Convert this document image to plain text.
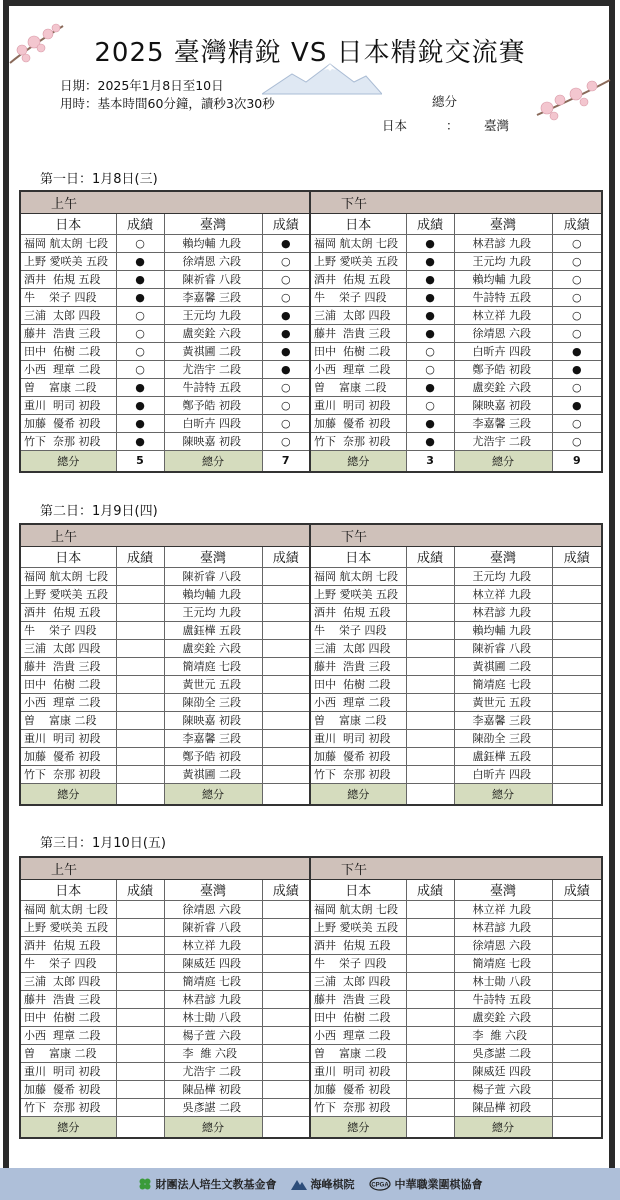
2025 臺灣精銳 VS 日本精銳交流賽
日期：2025年1月8日至10日
用時：基本時間60分鐘，讀秒3次30秒	總分
日本	： 臺灣
第一日：1月8日(三)
上午				下午			
日本	成績	臺灣	成績	日本	成績	臺灣	成績
福岡 航太朗 七段	○	賴均輔 九段	●	福岡 航太朗 七段	●	林君諺 九段	○
上野 愛咲美 五段	●	徐靖恩 六段	○	上野 愛咲美 五段	●	王元均 九段	○
酒井  佑規 五段	●	陳祈睿 八段	○	酒井  佑規 五段	●	賴均輔 九段	○
牛    栄子 四段	●	李嘉馨 三段	○	牛    栄子 四段	●	牛詩特 五段	○
三浦  太郎 四段	○	王元均 九段	●	三浦  太郎 四段	●	林立祥 九段	○
藤井  浩貴 三段	○	盧奕銓 六段	●	藤井  浩貴 三段	●	徐靖恩 六段	○
田中  佑樹 二段	○	黃祺圃 二段	●	田中  佑樹 二段	○	白昕卉 四段	●
小西  理章 二段	○	尤浩宇 二段	●	小西  理章 二段	○	鄭予皓 初段	●
曽    富康 二段	●	牛詩特 五段	○	曽    富康 二段	●	盧奕銓 六段	○
重川  明司 初段	●	鄭予皓 初段	○	重川  明司 初段	○	陳映嘉 初段	●
加藤  優希 初段	●	白昕卉 四段	○	加藤  優希 初段	●	李嘉馨 三段	○
竹下  奈那 初段	●	陳映嘉 初段	○	竹下  奈那 初段	●	尤浩宇 二段	○
總分	5	總分	7	總分	3	總分	9
第二日：1月9日(四)
上午				下午			
日本	成績	臺灣	成績	日本	成績	臺灣	成績
福岡 航太朗 七段		陳祈睿 八段		福岡 航太朗 七段		王元均 九段	
上野 愛咲美 五段		賴均輔 九段		上野 愛咲美 五段		林立祥 九段	
酒井  佑規 五段		王元均 九段		酒井  佑規 五段		林君諺 九段	
牛    栄子 四段		盧鈺樺 五段		牛    栄子 四段		賴均輔 九段	
三浦  太郎 四段		盧奕銓 六段		三浦  太郎 四段		陳祈睿 八段	
藤井  浩貴 三段		簡靖庭 七段		藤井  浩貴 三段		黃祺圃 二段	
田中  佑樹 二段		黃世元 五段		田中  佑樹 二段		簡靖庭 七段	
小西  理章 二段		陳劭全 三段		小西  理章 二段		黃世元 五段	
曽    富康 二段		陳映嘉 初段		曽    富康 二段		李嘉馨 三段	
重川  明司 初段		李嘉馨 三段		重川  明司 初段		陳劭全 三段	
加藤  優希 初段		鄭予皓 初段		加藤  優希 初段		盧鈺樺 五段	
竹下  奈那 初段		黃祺圃 二段		竹下  奈那 初段		白昕卉 四段	
總分		總分		總分		總分	
第三日：1月10日(五)
上午				下午			
日本	成績	臺灣	成績	日本	成績	臺灣	成績
福岡 航太朗 七段		徐靖恩 六段		福岡 航太朗 七段		林立祥 九段	
上野 愛咲美 五段		陳祈睿 八段		上野 愛咲美 五段		林君諺 九段	
酒井  佑規 五段		林立祥 九段		酒井  佑規 五段		徐靖恩 六段	
牛    栄子 四段		陳威廷 四段		牛    栄子 四段		簡靖庭 七段	
三浦  太郎 四段		簡靖庭 七段		三浦  太郎 四段		林士勛 八段	
藤井  浩貴 三段		林君諺 九段		藤井  浩貴 三段		牛詩特 五段	
田中  佑樹 二段		林士勛 八段		田中  佑樹 二段		盧奕銓 六段	
小西  理章 二段		楊子萱 六段		小西  理章 二段		李  維 六段	
曽    富康 二段		李  維 六段		曽    富康 二段		吳彥諶 二段	
重川  明司 初段		尤浩宇 二段		重川  明司 初段		陳威廷 四段	
加藤  優希 初段		陳品樺 初段		加藤  優希 初段		楊子萱 六段	
竹下  奈那 初段		吳彥諶 二段		竹下  奈那 初段		陳品樺 初段	
總分		總分		總分		總分	
財團法人培生文教基金會	海峰棋院	CPGA 中華職業圍棋協會
